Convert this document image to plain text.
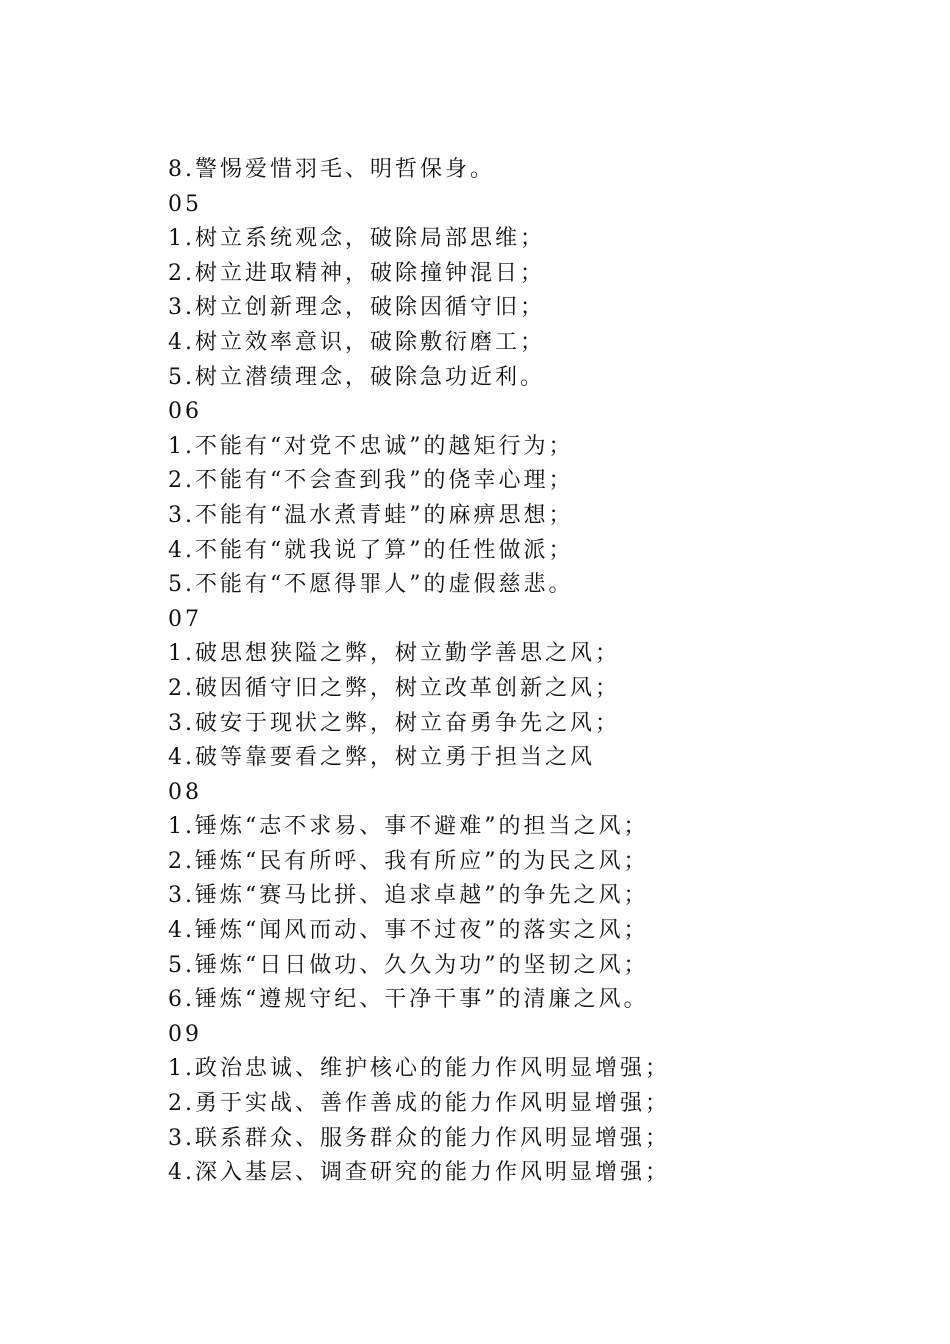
8.警惕爱惜羽毛、明哲保身。
05
1.树立系统观念，破除局部思维；
2.树立进取精神，破除撞钟混日；
3.树立创新理念，破除因循守旧；
4.树立效率意识，破除敷衍磨工；
5.树立潜绩理念，破除急功近利。
06
1.不能有“对党不忠诚”的越矩行为；
2.不能有“不会查到我”的侥幸心理；
3.不能有“温水煮青蛙”的麻痹思想；
4.不能有“就我说了算”的任性做派；
5.不能有“不愿得罪人”的虚假慈悲。
07
1.破思想狭隘之弊，树立勤学善思之风；
2.破因循守旧之弊，树立改革创新之风；
3.破安于现状之弊，树立奋勇争先之风；
4.破等靠要看之弊，树立勇于担当之风
08
1.锤炼“志不求易、事不避难”的担当之风；
2.锤炼“民有所呼、我有所应”的为民之风；
3.锤炼“赛马比拼、追求卓越”的争先之风；
4.锤炼“闻风而动、事不过夜”的落实之风；
5.锤炼“日日做功、久久为功”的坚韧之风；
6.锤炼“遵规守纪、干净干事”的清廉之风。
09
1.政治忠诚、维护核心的能力作风明显增强；
2.勇于实战、善作善成的能力作风明显增强；
3.联系群众、服务群众的能力作风明显增强；
4.深入基层、调查研究的能力作风明显增强；
